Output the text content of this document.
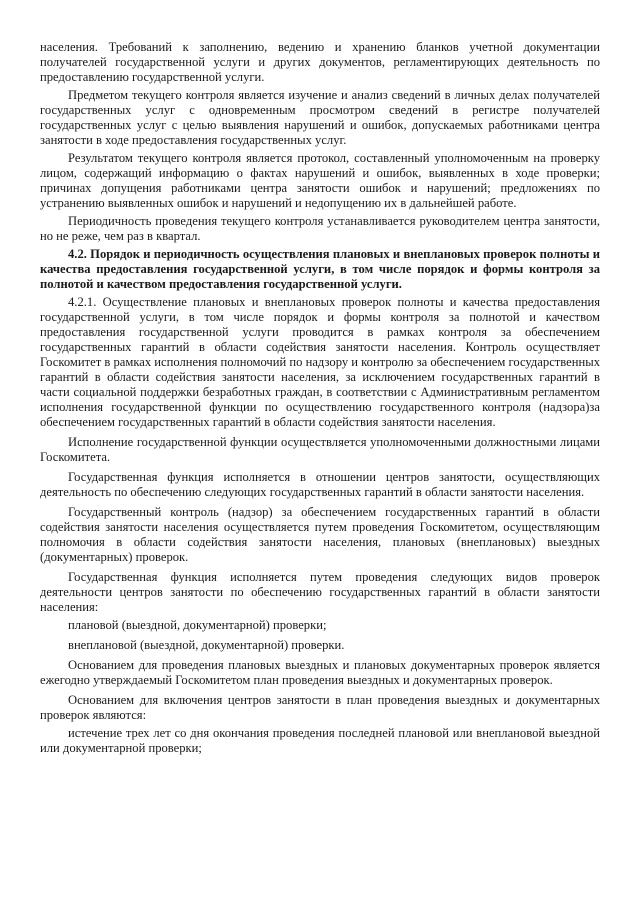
населения. Требований к заполнению, ведению и хранению бланков учетной документации получателей государственной услуги и других документов, регламентирующих деятельность по предоставлению государственной услуги.

Предметом текущего контроля является изучение и анализ сведений в личных делах получателей государственных услуг с одновременным просмотром сведений в регистре получателей государственных услуг с целью выявления нарушений и ошибок, допускаемых работниками центра занятости в ходе предоставления государственных услуг.

Результатом текущего контроля является протокол, составленный уполномоченным на проверку лицом, содержащий информацию о фактах нарушений и ошибок, выявленных в ходе проверки; причинах допущения работниками центра занятости ошибок и нарушений; предложениях по устранению выявленных ошибок и нарушений и недопущению их в дальнейшей работе.

Периодичность проведения текущего контроля устанавливается руководителем центра занятости, но не реже, чем раз в квартал.

4.2. Порядок и периодичность осуществления плановых и внеплановых проверок полноты и качества предоставления государственной услуги, в том числе порядок и формы контроля за полнотой и качеством предоставления государственной услуги.

4.2.1. Осуществление плановых и внеплановых проверок полноты и качества предоставления государственной услуги, в том числе порядок и формы контроля за полнотой и качеством предоставления государственной услуги проводится в рамках контроля за обеспечением государственных гарантий в области содействия занятости населения. Контроль осуществляет Госкомитет в рамках исполнения полномочий по надзору и контролю за обеспечением государственных гарантий в области содействия занятости населения, за исключением государственных гарантий в части социальной поддержки безработных граждан, в соответствии с Административным регламентом исполнения государственной функции по осуществлению государственного контроля (надзора)за обеспечением государственных гарантий в области содействия занятости населения.

Исполнение государственной функции осуществляется уполномоченными должностными лицами Госкомитета.

Государственная функция исполняется в отношении центров занятости, осуществляющих деятельность по обеспечению следующих государственных гарантий в области занятости населения.

Государственный контроль (надзор) за обеспечением государственных гарантий в области содействия занятости населения осуществляется путем проведения Госкомитетом, осуществляющим полномочия в области содействия занятости населения, плановых (внеплановых) выездных (документарных) проверок.

Государственная функция исполняется путем проведения следующих видов проверок деятельности центров занятости по обеспечению государственных гарантий в области занятости населения:

плановой (выездной, документарной) проверки;

внеплановой (выездной, документарной) проверки.

Основанием для проведения плановых выездных и плановых документарных проверок является ежегодно утверждаемый Госкомитетом план проведения выездных и документарных проверок.

Основанием для включения центров занятости в план проведения выездных и документарных проверок являются:

истечение трех лет со дня окончания проведения последней плановой или внеплановой выездной или документарной проверки;
